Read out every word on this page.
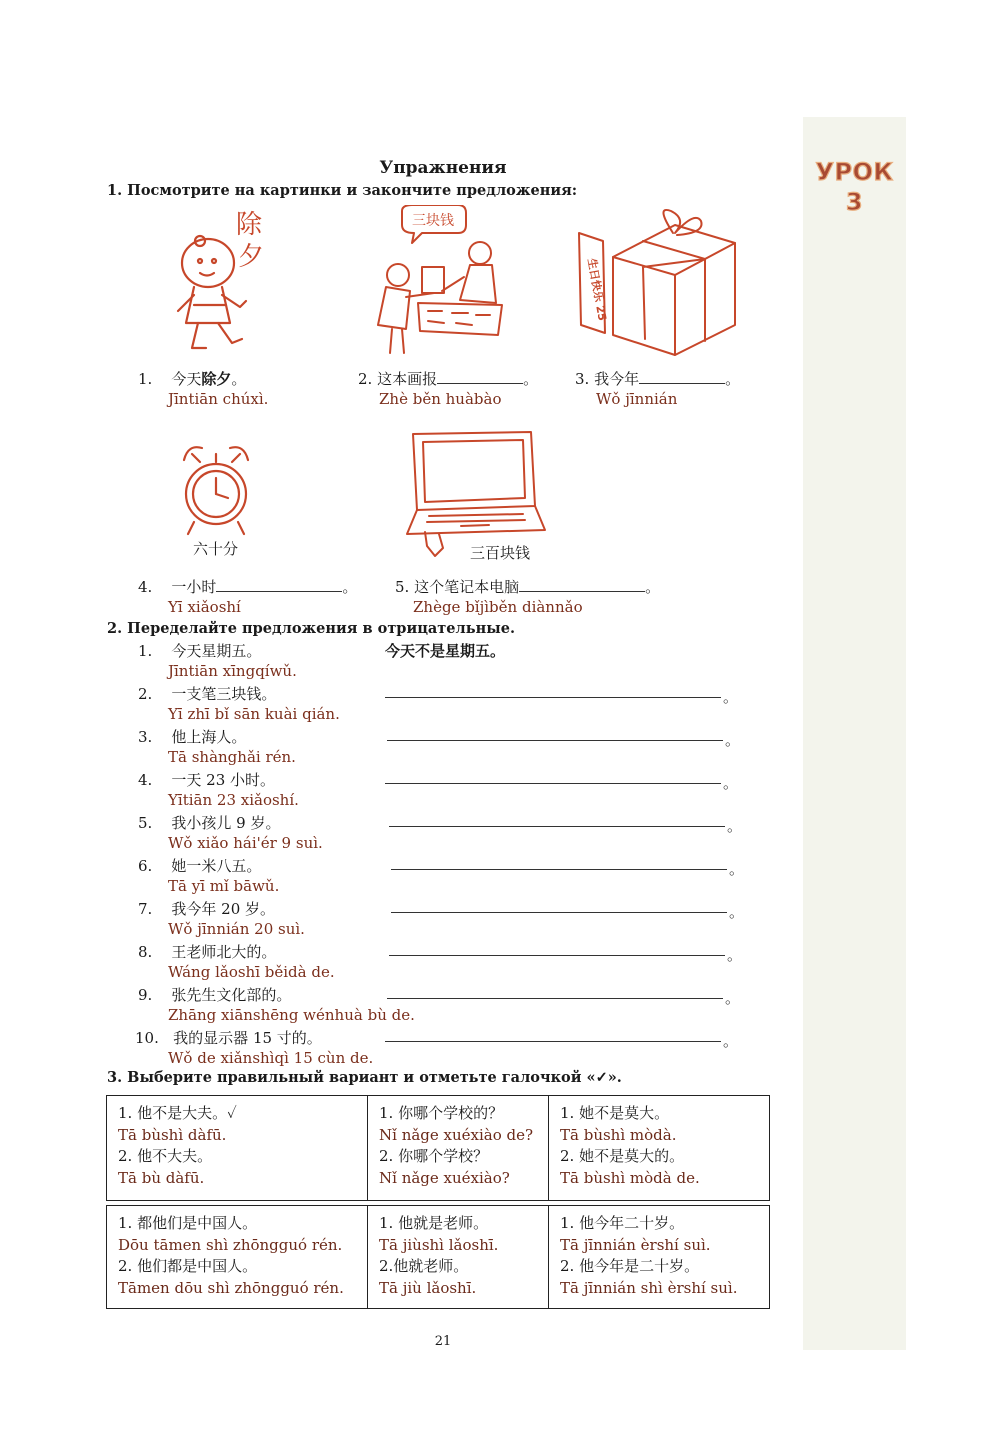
УРОК
3
Упражнения
1. Посмотрите на картинки и закончите предложения:
除
夕
三块钱
生日快乐 25
1. 今天除夕。
Jīntiān chúxì.
2. 这本画报	。
Zhè běn huàbào
3. 我今年	。
Wǒ jīnnián
六十分	三百块钱
4. 一小时	。
Yī xiǎoshí
5. 这个笔记本电脑	。
Zhège bǐjìběn diànnǎo
2. Переделайте предложения в отрицательные.
1. 今天星期五。
Jīntiān xīngqíwǔ.
今天不是星期五。
2. 一支笔三块钱。
Yī zhī bǐ sān kuài qián.
。
3. 他上海人。
Tā shànghǎi rén.
。
4. 一天 23 小时。
Yītiān 23 xiǎoshí.
。
5. 我小孩儿 9 岁。
Wǒ xiǎo hái'ér 9 suì.
。
6. 她一米八五。
Tā yī mǐ bāwǔ.
。
7. 我今年 20 岁。
Wǒ jīnnián 20 suì.
。
8. 王老师北大的。
Wáng lǎoshī běidà de.
。
9. 张先生文化部的。
Zhāng xiānshēng wénhuà bù de.
。
10. 我的显示器 15 寸的。
Wǒ de xiǎnshìqì 15 cùn de.
。
3. Выберите правильный вариант и отметьте галочкой «✓».
1. 他不是大夫。✓
Tā bùshì dàfū.
2. 他不大夫。
Tā bù dàfū.

1. 你哪个学校的？
Nǐ nǎge xuéxiào de?
2. 你哪个学校？
Nǐ nǎge xuéxiào?

1. 她不是莫大。
Tā bùshì mòdà.
2. 她不是莫大的。
Tā bùshì mòdà de.
1. 都他们是中国人。
Dōu tāmen shì zhōngguó rén.
2. 他们都是中国人。
Tāmen dōu shì zhōngguó rén.

1. 他就是老师。
Tā jiùshì lǎoshī.
2.他就老师。
Tā jiù lǎoshī.

1. 他今年二十岁。
Tā jīnnián èrshí suì.
2. 他今年是二十岁。
Tā jīnnián shì èrshí suì.
21
